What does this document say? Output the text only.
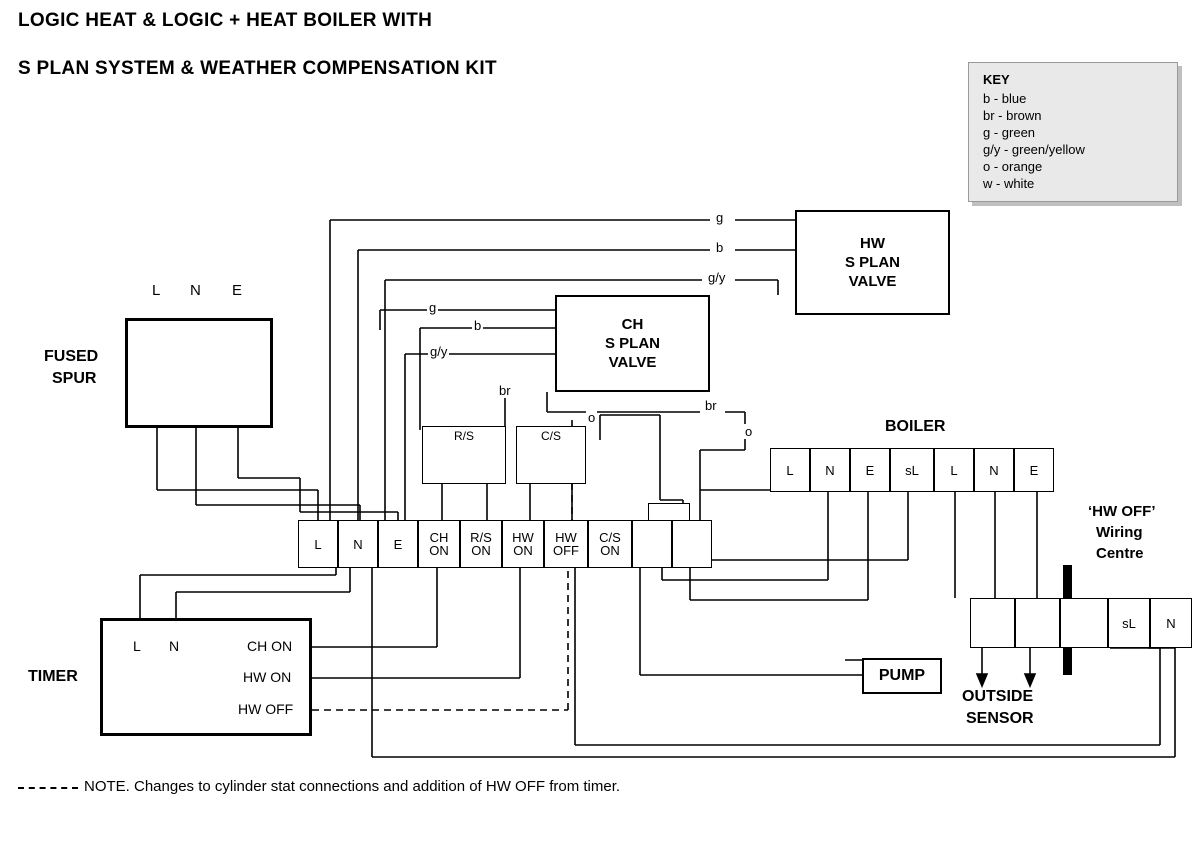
LOGIC HEAT & LOGIC + HEAT BOILER WITH
S PLAN SYSTEM & WEATHER COMPENSATION KIT
KEY
b - blue
br - brown
g - green
g/y - green/yellow
o - orange
w - white
HW
S PLAN
VALVE
CH
S PLAN
VALVE
FUSED
SPUR
L N E
R/S	C/S
L N E CH
ON
R/S
ON
HW
ON
HW
OFF
C/S
ON
BOILER
L N E sL L N E
TIMER
L N	CH ON
HW ON
HW OFF
PUMP
‘HW OFF’
Wiring
Centre
sL N
OUTSIDE
SENSOR
g
b
g/y
g
b
g/y
br
br
o
o
NOTE. Changes to cylinder stat connections and addition of HW OFF from timer.
